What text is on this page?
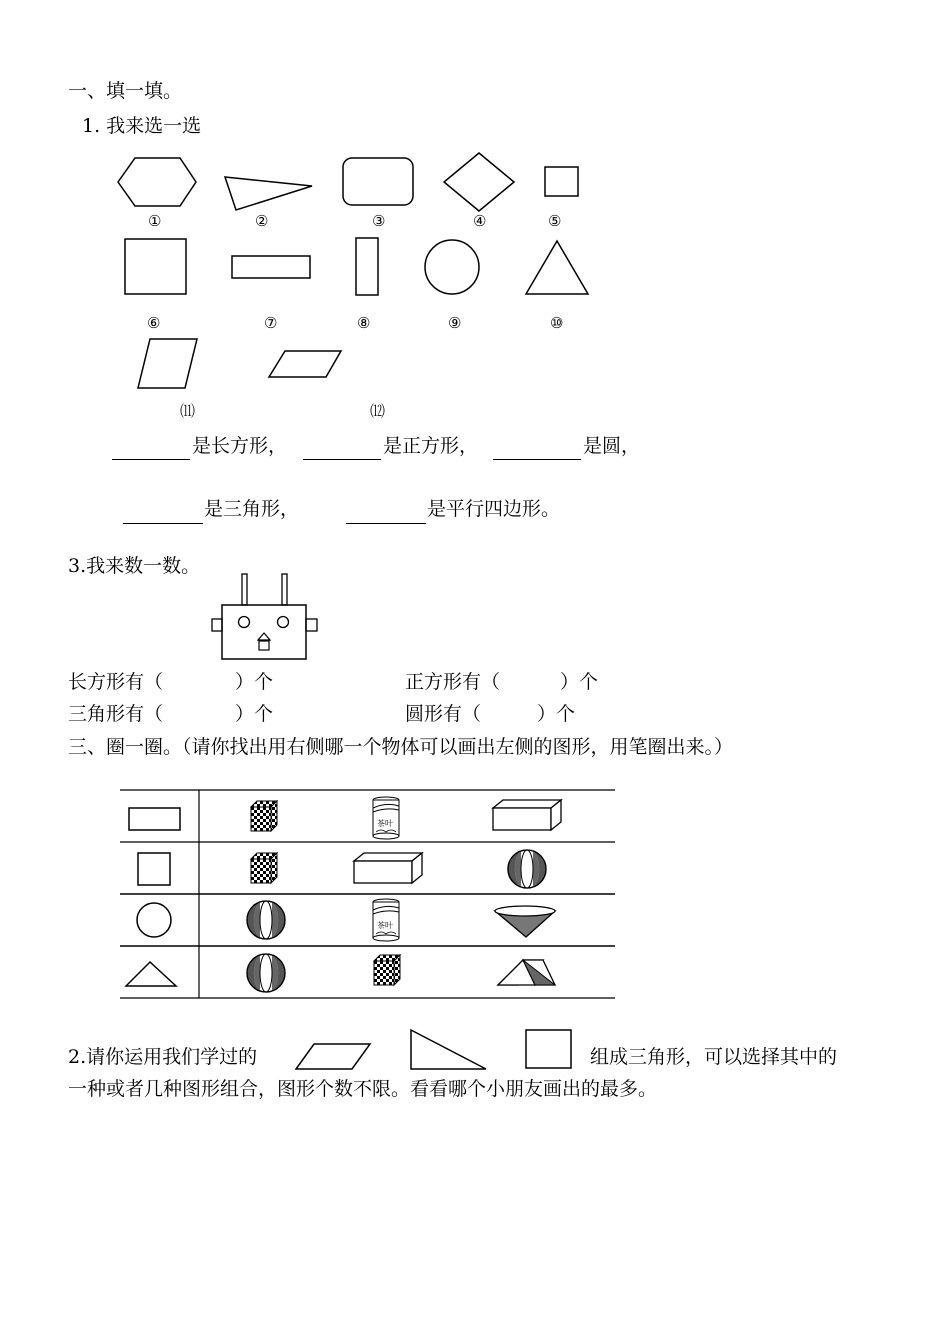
一、填一填。
1. 我来选一选
①	②	③	④	⑤
⑥	⑦	⑧	⑨	⑩
⑾	⑿
是长方形，	是正方形，	是圆，
是三角形，	是平行四边形。
3.我来数一数。
长方形有（	）个	正方形有（	）个
三角形有（	）个	圆形有（	）个
三、圈一圈。（请你找出用右侧哪一个物体可以画出左侧的图形，用笔圈出来。）
茶叶
茶叶
2.请你运用我们学过的	组成三角形，可以选择其中的
一种或者几种图形组合，图形个数不限。看看哪个小朋友画出的最多。
